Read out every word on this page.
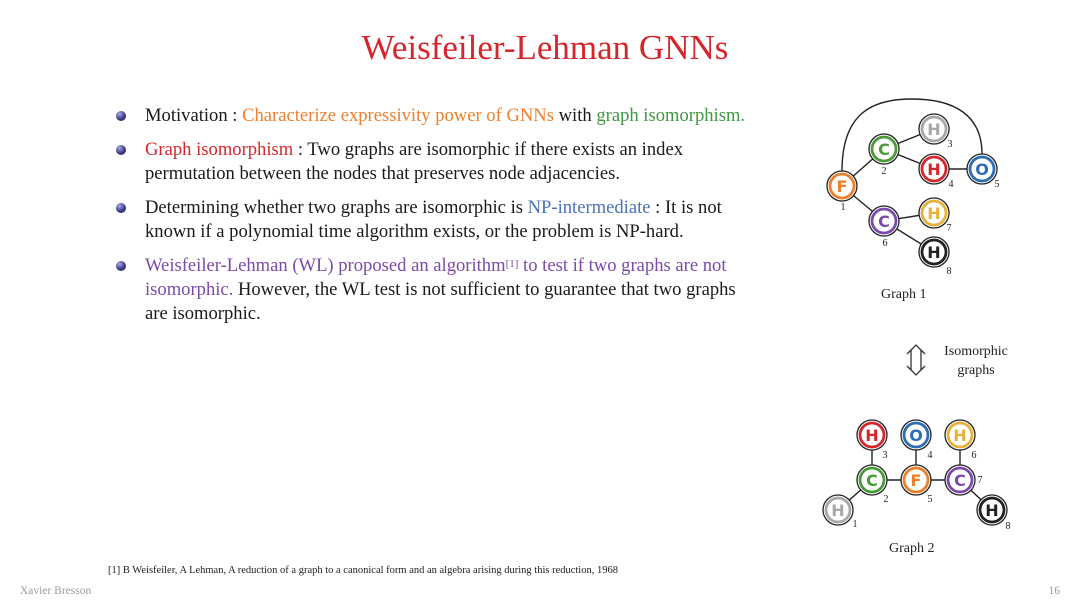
Weisfeiler-Lehman GNNs
Motivation : Characterize expressivity power of GNNs with graph isomorphism.
Graph isomorphism : Two graphs are isomorphic if there exists an index permutation between the nodes that preserves node adjacencies.
Determining whether two graphs are isomorphic is NP-intermediate : It is not known if a polynomial time algorithm exists, or the problem is NP-hard.
Weisfeiler-Lehman (WL) proposed an algorithm[1] to test if two graphs are not isomorphic. However, the WL test is not sufficient to guarantee that two graphs are isomorphic.
F
1
C
2
H
3
H
4
O
5
C
6
H
7
H
8
H
1
C
2
H
3
O
4
F
5
H
6
C 7
H
8
Graph 1
Graph 2
Isomorphic
graphs
[1] B Weisfeiler, A Lehman, A reduction of a graph to a canonical form and an algebra arising during this reduction, 1968
Xavier Bresson	16
